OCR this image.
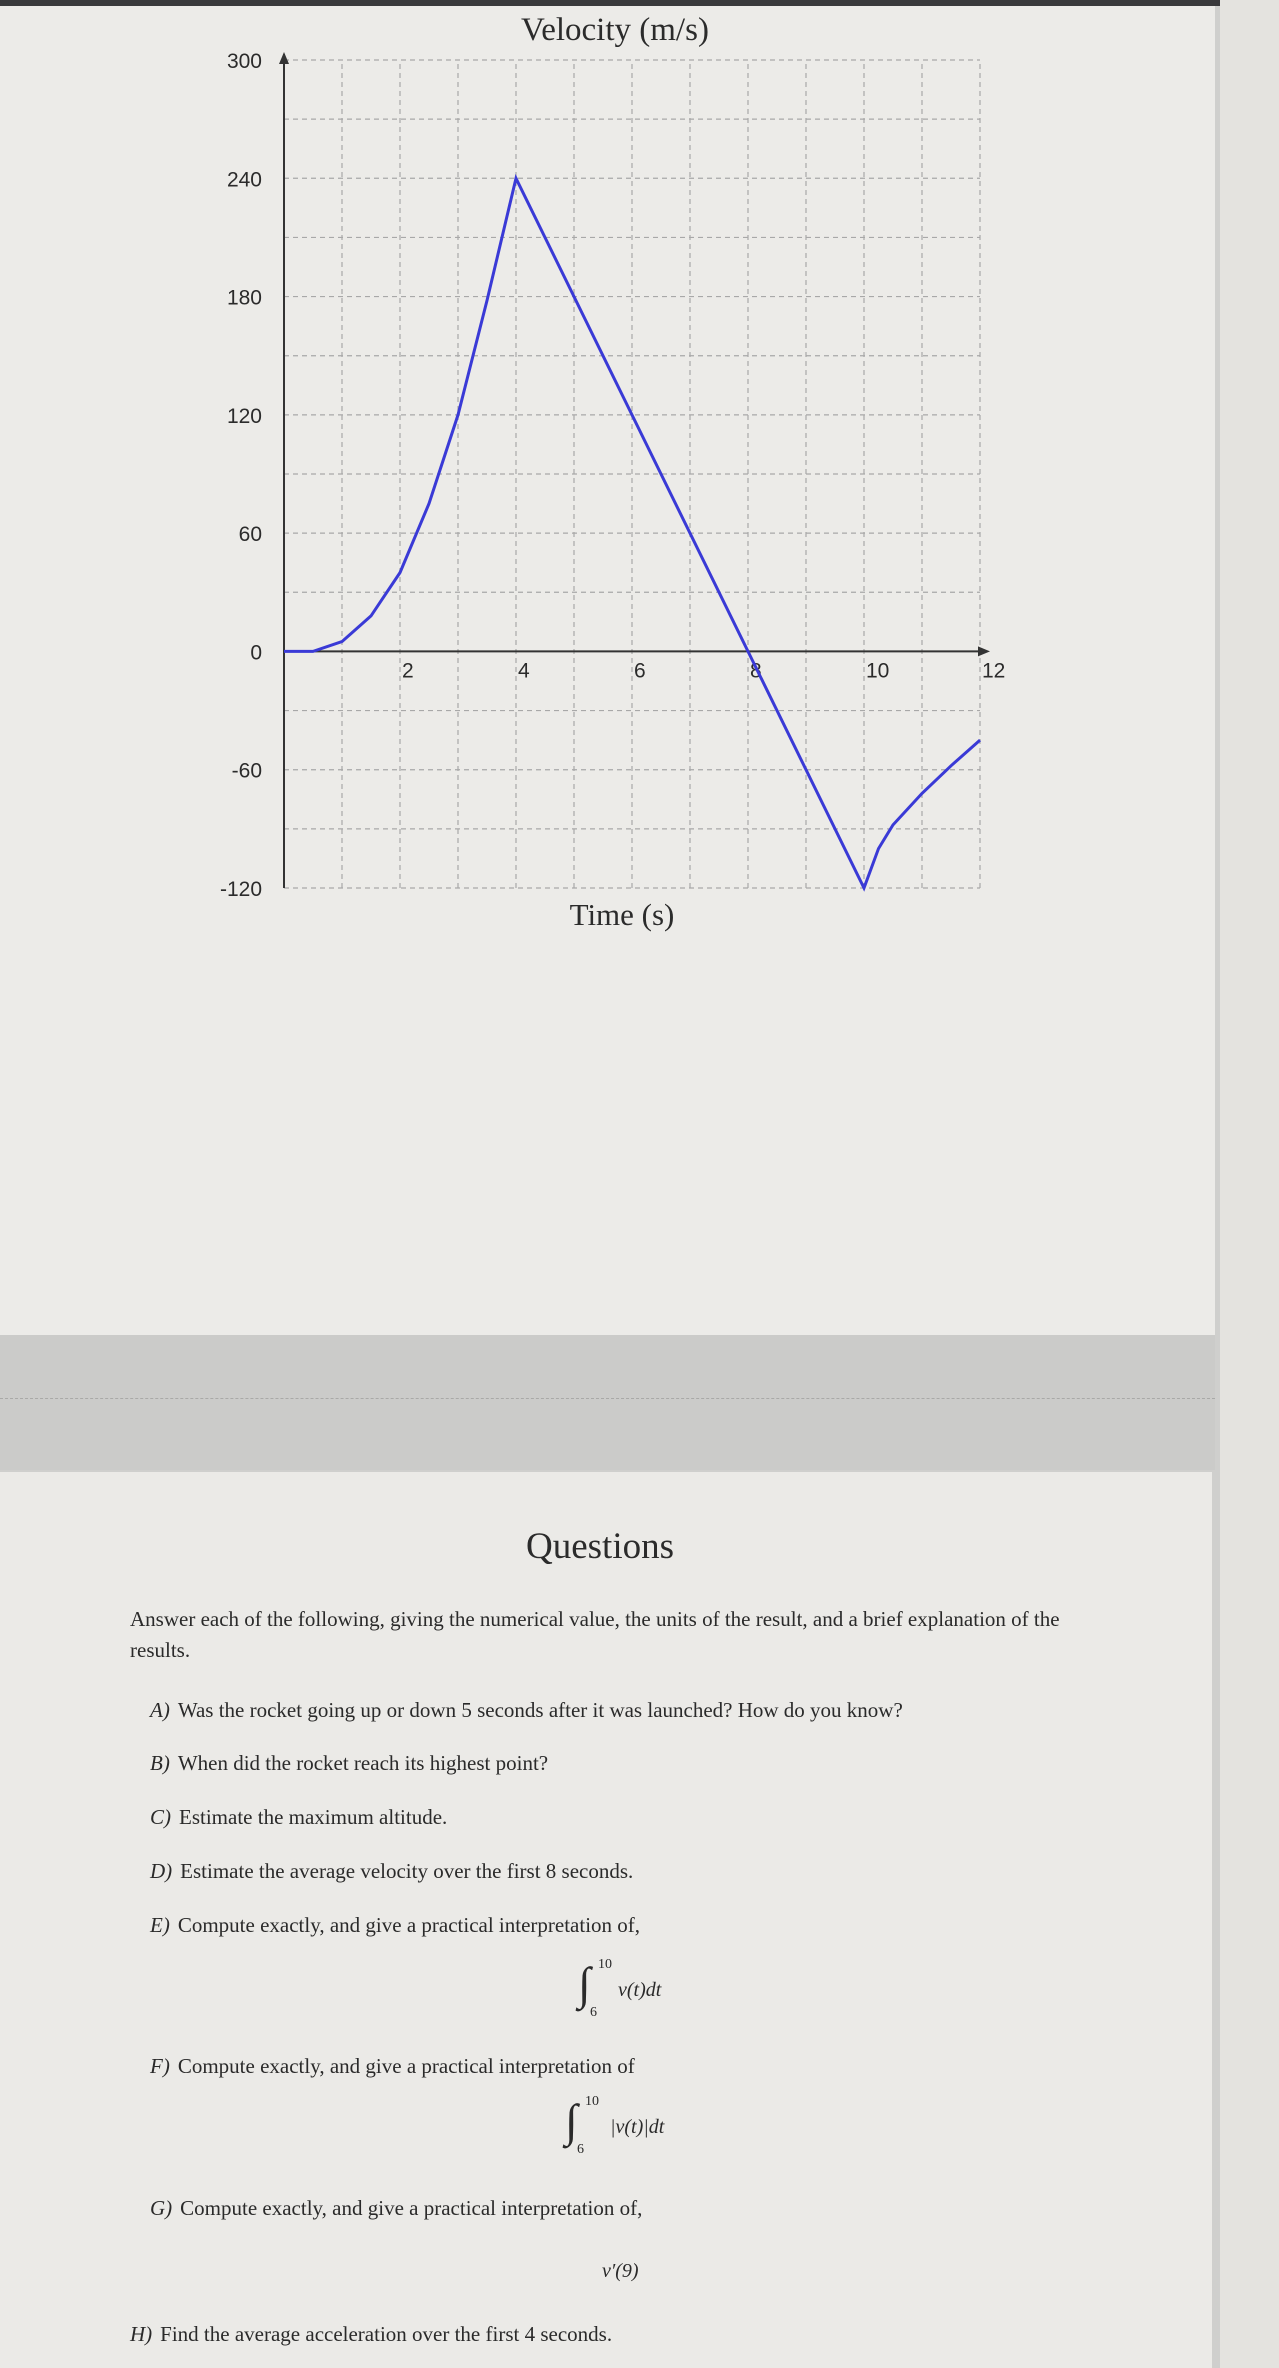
300
240
180
120
60
0
-60
-120
2	4	6	8	10	12
Velocity (m/s)
Time (s)
Questions
Answer each of the following, giving the numerical value, the units of the result, and a brief explanation of the results.
A) Was the rocket going up or down 5 seconds after it was launched? How do you know?
B) When did the rocket reach its highest point?
C) Estimate the maximum altitude.
D) Estimate the average velocity over the first 8 seconds.
E) Compute exactly, and give a practical interpretation of,
∫ 10
6
v(t)dt
F) Compute exactly, and give a practical interpretation of
∫ 10
6
|v(t)|dt
G) Compute exactly, and give a practical interpretation of,
v′(9)
H) Find the average acceleration over the first 4 seconds.
